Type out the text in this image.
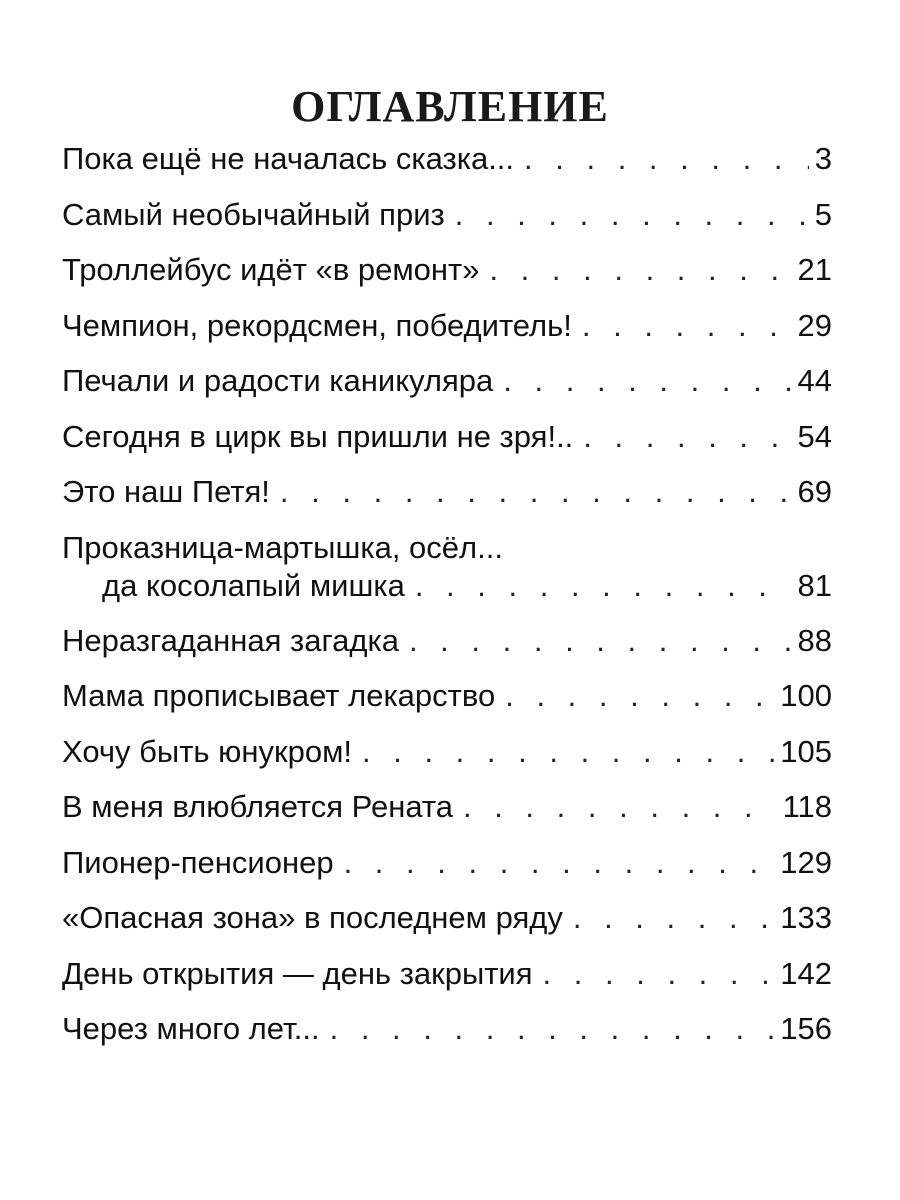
ОГЛАВЛЕНИЕ
Пока ещё не началась сказка... . . .	3
Самый необычайный приз . . .	5
Троллейбус идёт «в ремонт» . . .	21
Чемпион, рекордсмен, победитель! . . .	29
Печали и радости каникуляра . . .	44
Сегодня в цирк вы пришли не зря!.. . . .	54
Это наш Петя! . . .	69
Проказница-мартышка, осёл...
да косолапый мишка . . .	81
Неразгаданная загадка . . .	88
Мама прописывает лекарство . . .	100
Хочу быть юнукром! . . .	105
В меня влюбляется Рената . . .	118
Пионер-пенсионер . . .	129
«Опасная зона» в последнем ряду . . .	133
День открытия — день закрытия . . .	142
Через много лет... . . .	156
